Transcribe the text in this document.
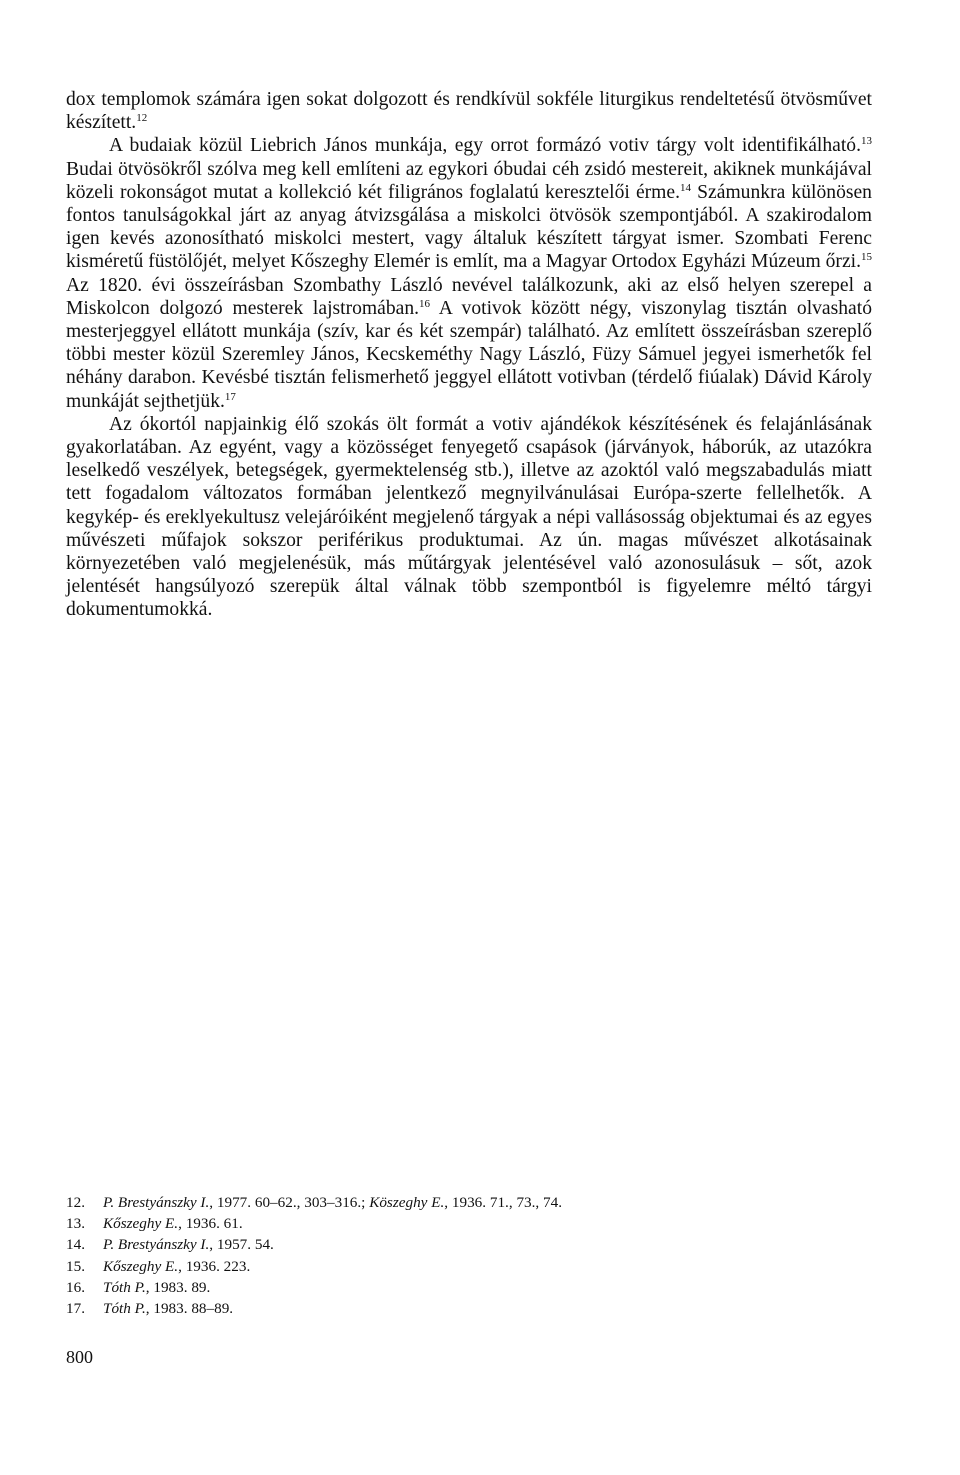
dox templomok számára igen sokat dolgozott és rendkívül sokféle liturgikus rendeltetésű ötvösművet készített.$^{12}$

A budaiak közül Liebrich János munkája, egy orrot formázó votiv tárgy volt identifikálható.$^{13}$ Budai ötvösökről szólva meg kell említeni az egykori óbudai céh zsidó mestereit, akiknek munkájával közeli rokonságot mutat a kollekció két filigrános foglalatú keresztelői érme.$^{14}$ Számunkra különösen fontos tanulságokkal járt az anyag átvizsgálása a miskolci ötvösök szempontjából. A szakirodalom igen kevés azonosítható miskolci mestert, vagy általuk készített tárgyat ismer. Szombati Ferenc kisméretű füstölőjét, melyet Kőszeghy Elemér is említ, ma a Magyar Ortodox Egyházi Múzeum őrzi.$^{15}$ Az 1820. évi összeírásban Szombathy László nevével találkozunk, aki az első helyen szerepel a Miskolcon dolgozó mesterek lajstromában.$^{16}$ A votivok között négy, viszonylag tisztán olvasható mesterjeggyel ellátott munkája (szív, kar és két szempár) található. Az említett összeírásban szereplő többi mester közül Szeremley János, Kecskeméthy Nagy László, Füzy Sámuel jegyei ismerhetők fel néhány darabon. Kevésbé tisztán felismerhető jeggyel ellátott votivban (térdelő fiúalak) Dávid Károly munkáját sejthetjük.$^{17}$

Az ókortól napjainkig élő szokás ölt formát a votiv ajándékok készítésének és felajánlásának gyakorlatában. Az egyént, vagy a közösséget fenyegető csapások (járványok, háborúk, az utazókra leselkedő veszélyek, betegségek, gyermektelenség stb.), illetve az azoktól való megszabadulás miatt tett fogadalom változatos formában jelentkező megnyilvánulásai Európa-szerte fellelhetők. A kegykép- és ereklyekultusz velejáróiként megjelenő tárgyak a népi vallásosság objektumai és az egyes művészeti műfajok sokszor periférikus produktumai. Az ún. magas művészet alkotásainak környezetében való megjelenésük, más műtárgyak jelentésével való azonosulásuk – sőt, azok jelentését hangsúlyozó szerepük által válnak több szempontból is figyelemre méltó tárgyi dokumentumokká.

12. P. Brestyánszky I., 1977. 60–62., 303–316.; Köszeghy E., 1936. 71., 73., 74.
13. Kőszeghy E., 1936. 61.
14. P. Brestyánszky I., 1957. 54.
15. Kőszeghy E., 1936. 223.
16. Tóth P., 1983. 89.
17. Tóth P., 1983. 88–89.
800
